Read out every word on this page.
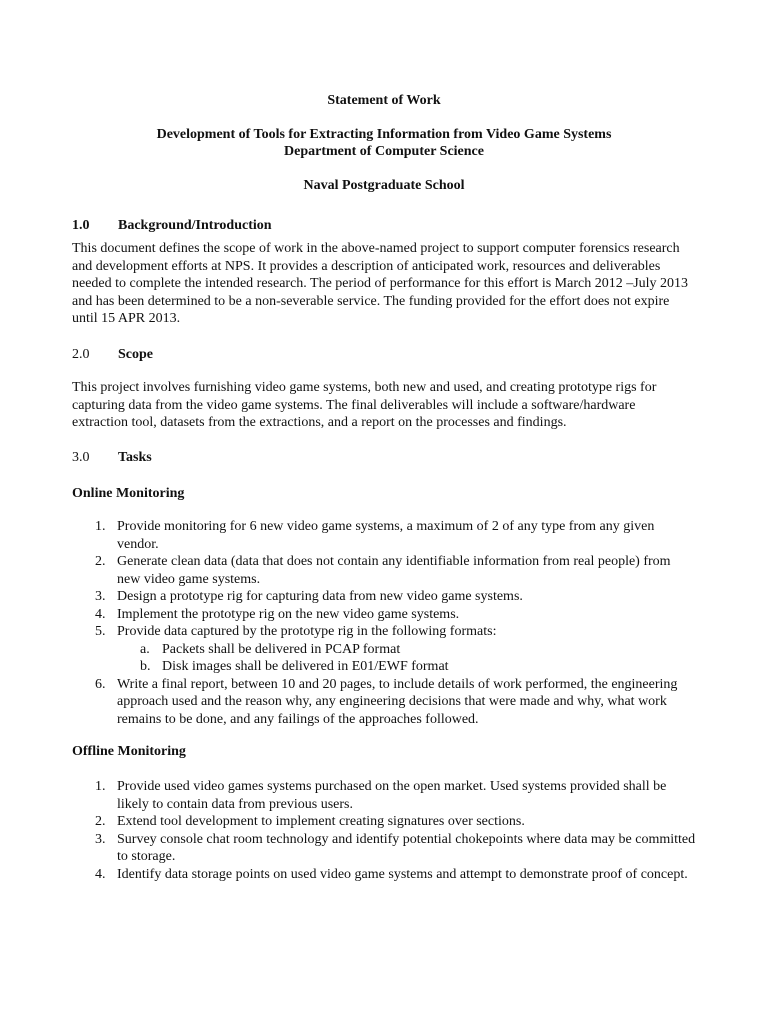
Statement of Work
Development of Tools for Extracting Information from Video Game Systems
Department of Computer Science
Naval Postgraduate School
1.0 Background/Introduction
This document defines the scope of work in the above-named project to support computer forensics research and development efforts at NPS. It provides a description of anticipated work, resources and deliverables needed to complete the intended research. The period of performance for this effort is March 2012 –July 2013 and has been determined to be a non-severable service. The funding provided for the effort does not expire until 15 APR 2013.
2.0 Scope
This project involves furnishing video game systems, both new and used, and creating prototype rigs for capturing data from the video game systems. The final deliverables will include a software/hardware extraction tool, datasets from the extractions, and a report on the processes and findings.
3.0 Tasks
Online Monitoring
1. Provide monitoring for 6 new video game systems, a maximum of 2 of any type from any given vendor.
2. Generate clean data (data that does not contain any identifiable information from real people) from new video game systems.
3. Design a prototype rig for capturing data from new video game systems.
4. Implement the prototype rig on the new video game systems.
5. Provide data captured by the prototype rig in the following formats:
a. Packets shall be delivered in PCAP format
b. Disk images shall be delivered in E01/EWF format
6. Write a final report, between 10 and 20 pages, to include details of work performed, the engineering approach used and the reason why, any engineering decisions that were made and why, what work remains to be done, and any failings of the approaches followed.
Offline Monitoring
1. Provide used video games systems purchased on the open market. Used systems provided shall be likely to contain data from previous users.
2. Extend tool development to implement creating signatures over sections.
3. Survey console chat room technology and identify potential chokepoints where data may be committed to storage.
4. Identify data storage points on used video game systems and attempt to demonstrate proof of concept.
